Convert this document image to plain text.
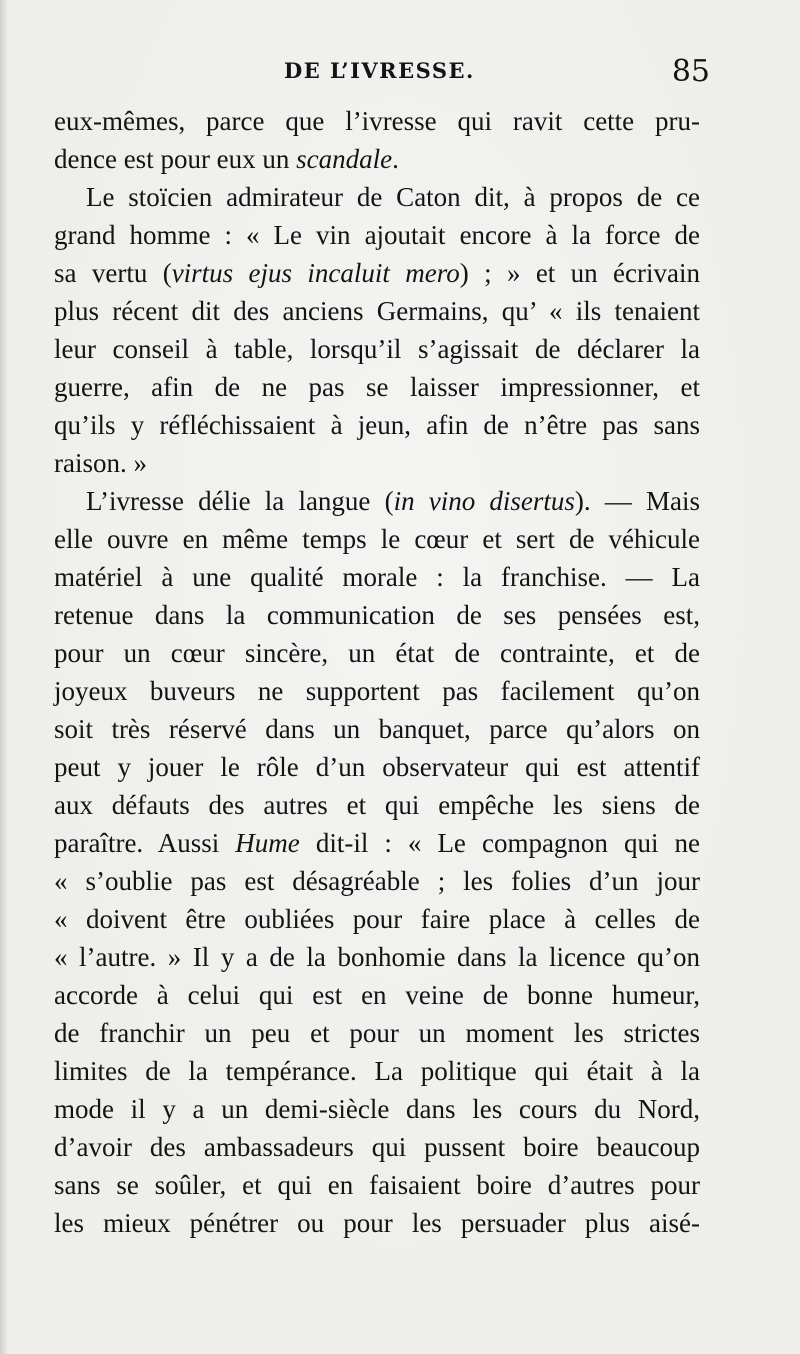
DE L’IVRESSE.	85
eux-mêmes, parce que l’ivresse qui ravit cette pru-
dence est pour eux un scandale.
Le stoïcien admirateur de Caton dit, à propos de ce
grand homme : « Le vin ajoutait encore à la force de
sa vertu (virtus ejus incaluit mero) ; » et un écrivain
plus récent dit des anciens Germains, qu’ « ils tenaient
leur conseil à table, lorsqu’il s’agissait de déclarer la
guerre, afin de ne pas se laisser impressionner, et
qu’ils y réfléchissaient à jeun, afin de n’être pas sans
raison. »
L’ivresse délie la langue (in vino disertus). — Mais
elle ouvre en même temps le cœur et sert de véhicule
matériel à une qualité morale : la franchise. — La
retenue dans la communication de ses pensées est,
pour un cœur sincère, un état de contrainte, et de
joyeux buveurs ne supportent pas facilement qu’on
soit très réservé dans un banquet, parce qu’alors on
peut y jouer le rôle d’un observateur qui est attentif
aux défauts des autres et qui empêche les siens de
paraître. Aussi Hume dit-il : « Le compagnon qui ne
« s’oublie pas est désagréable ; les folies d’un jour
« doivent être oubliées pour faire place à celles de
« l’autre. » Il y a de la bonhomie dans la licence qu’on
accorde à celui qui est en veine de bonne humeur,
de franchir un peu et pour un moment les strictes
limites de la tempérance. La politique qui était à la
mode il y a un demi-siècle dans les cours du Nord,
d’avoir des ambassadeurs qui pussent boire beaucoup
sans se soûler, et qui en faisaient boire d’autres pour
les mieux pénétrer ou pour les persuader plus aisé-
